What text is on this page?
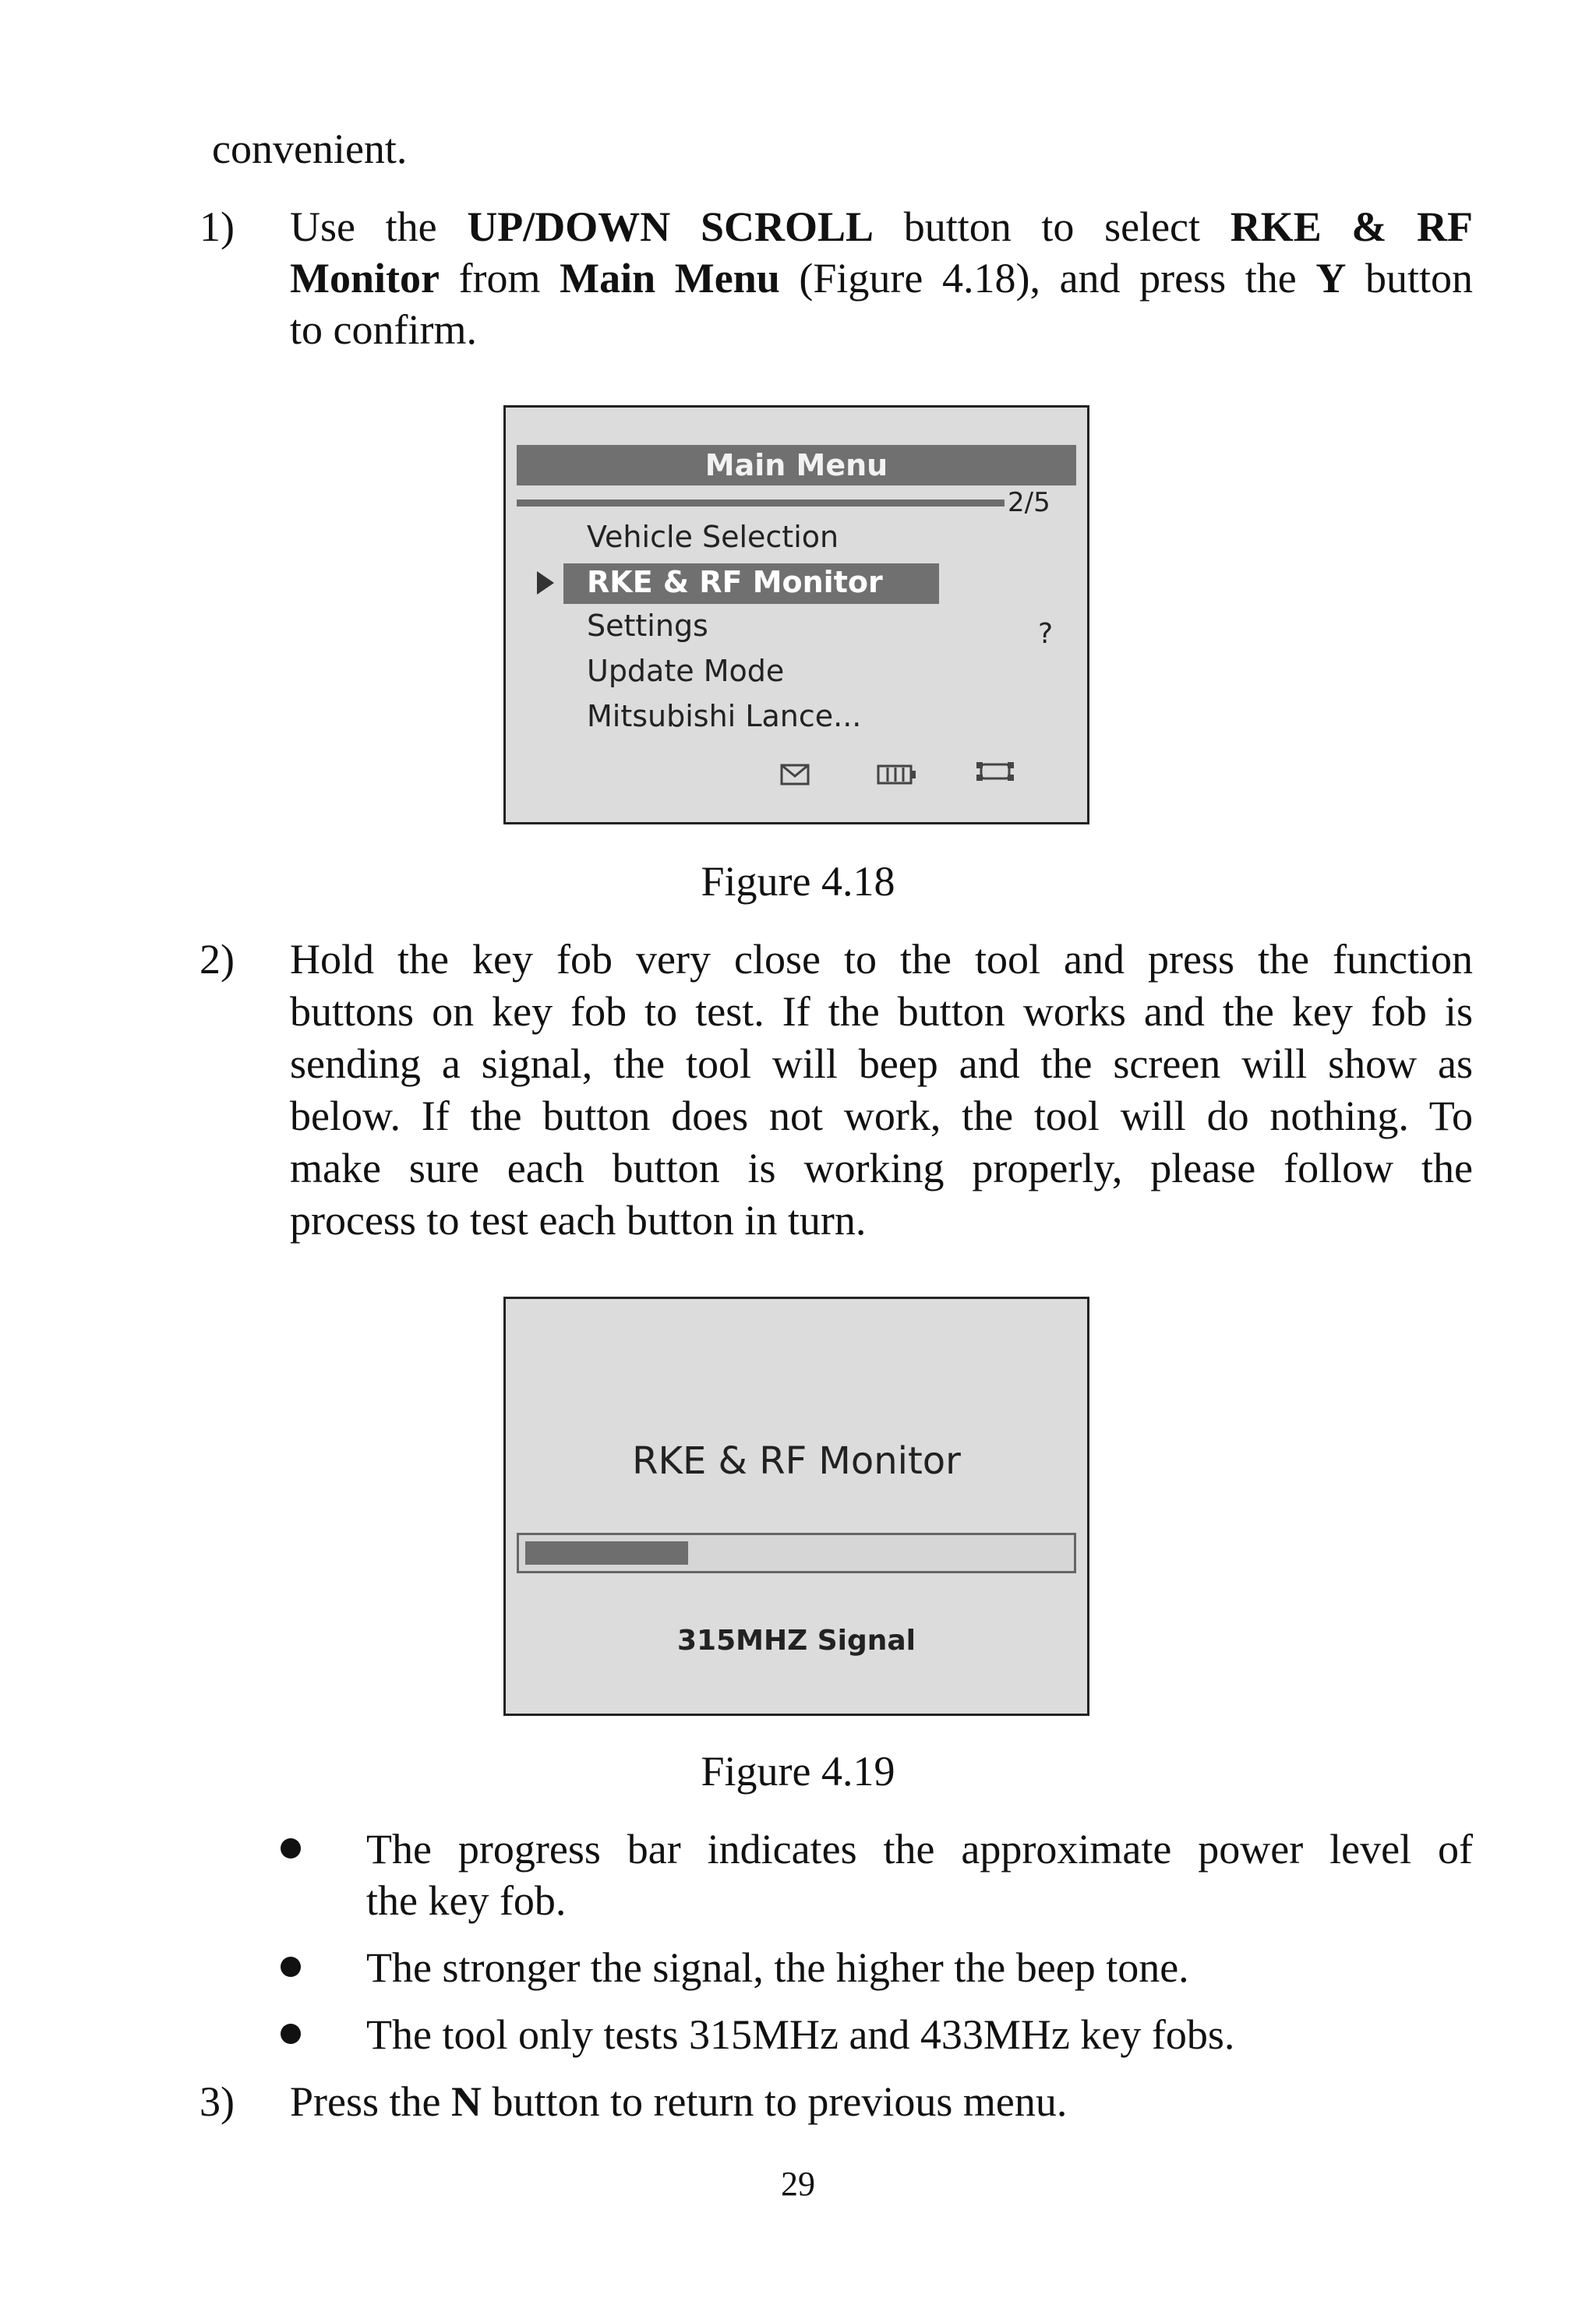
convenient.
1) Use the UP/DOWN SCROLL button to select RKE & RF
Monitor from Main Menu (Figure 4.18), and press the Y button
to confirm.
Main Menu
2/5
Vehicle Selection
RKE & RF Monitor
Settings	?
Update Mode
Mitsubishi Lance...
Figure 4.18
2) Hold the key fob very close to the tool and press the function
buttons on key fob to test. If the button works and the key fob is
sending a signal, the tool will beep and the screen will show as
below. If the button does not work, the tool will do nothing. To
make sure each button is working properly, please follow the
process to test each button in turn.
RKE & RF Monitor
315MHZ Signal
Figure 4.19
The progress bar indicates the approximate power level of
the key fob.
The stronger the signal, the higher the beep tone.
The tool only tests 315MHz and 433MHz key fobs.
3) Press the N button to return to previous menu.
29
